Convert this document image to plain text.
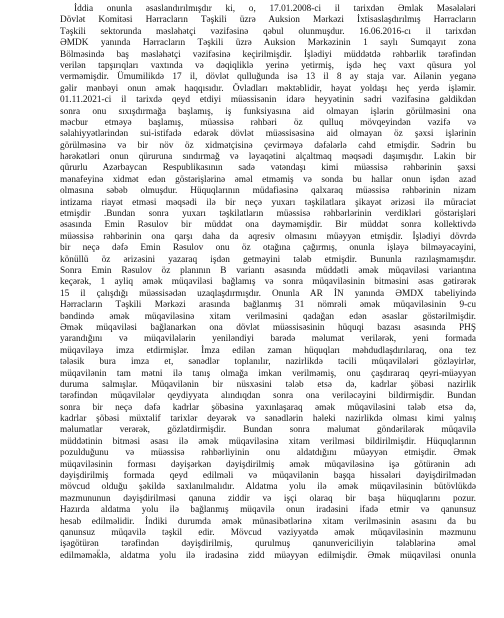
İddia onunla əsaslandırılmışdır ki, o, 17.01.2008-ci il tarixdən Əmlak Məsələləri
Dövlət Komitəsi Hərracların Təşkili üzrə Auksion Mərkəzi İxtisaslaşdırılmış Hərracların
Təşkili sektorunda məsləhətçi vəzifəsinə qəbul olunmuşdur. 16.06.2016-cı il tarixdən
ƏMDK yanında Hərracların Təşkili üzrə Auksion Mərkəzinin 1 saylı Sumqayıt zona
Bölməsində baş məsləhətçi vəzifəsinə keçirilmişdir. İşlədiyi müddətdə rəhbərlik tərəfindən
verilən tapşırıqları vaxtında və dəqiqliklə yerinə yetirmiş, işdə heç vaxt qüsura yol
verməmişdir. Ümumilikdə 17 il, dövlət qulluğunda isə 13 il 8 ay staja var. Ailənin yeganə
gəlir mənbəyi onun əmək haqqısıdır. Övladları məktəblidir, həyat yoldaşı heç yerdə işləmir.
01.11.2021-ci il tarixdə qeyd etdiyi müəssisənin idarə heyyətinin sədri vəzifəsinə gəldikdən
sonra onu sıxışdırmağa başlamış, iş funksiyasına aid olmayan işlərin görülməsini ona
məcbur etməyə başlamış, müəssisə rəhbəri öz qulluq mövqeyindən vəzifə və
səlahiyyətlərindən sui-istifadə edərək dövlət müəssisəsinə aid olmayan öz şəxsi işlərinin
görülməsinə və bir növ öz xidmətçisinə çevirməyə dəfələrlə cəhd etmişdir. Sədrin bu
hərəkətləri onun qüruruna sındırmağ və ləyaqətini alçaltmaq məqsədi daşımışdır. Lakin bir
qürurlu Azərbaycan Respublikasının sadə vətəndaşı kimi müəssisə rəhbərinin şəxsi
mənafeyinə xidmət edən göstərişlərinə əməl etməmiş və sonda bu hallar onun işdən azad
olmasına səbəb olmuşdur. Hüquqlarının müdafiəsinə qalxaraq müəssisə rəhbərinin nizam
intizama riayət etməsi məqsədi ilə bir neçə yuxarı təşkilatlara şikayət ərizəsi ilə müraciət
etmişdir .Bundan sonra yuxarı təşkilatların müəssisə rəhbərlərinin verdikləri göstərişləri
əsasında Emin Rəsulov bir müddət ona dəyməmişdir. Bir müddət sonra kollektivdə
müəssisə rəhbərinin ona qarşı daha da aqresiv olmasını müəyyən etmişdir. İşlədiyi dövrdə
bir neçə dəfə Emin Rəsulov onu öz otağına çağırmış, onunla işləyə bilməyəcəyini,
könüllü öz ərizəsini yazaraq işdən getməyini tələb etmişdir. Bununla razılaşmamışdır.
Sonra Emin Rəsulov öz planının B variantı əsasında müddətli əmək müqaviləsi variantına
keçərək, 1 ayliq əmək müqaviləsi bağlamış və sonra müqaviləsinin bitməsini əsas gətirərək
15 il çalışdığı müəssisədən uzaqlaşdırmışdır. Onunla AR İN yanında ƏMDX tabeliyində
Hərracların Təşkili Mərkəzi arasında bağlanmış 31 nömrəli əmək müqaviləsinin 9-cu
bəndində əmək müqaviləsinə xitam verilməsini qadağan edən əsaslar göstərilmişdir.
Əmək müqaviləsi bağlanarkən ona dövlət müəssisəsinin hüquqi bazası əsasında PHŞ
yarandığını və müqavilələrin yeniləndiyi barədə məlumat verilərək, yeni formada
müqaviləyə imza etdirmişlər. İmza edilən zaman hüquqları məhdudlaşdırılaraq, ona tez
tələsik bura imza et, sənədlər toplanılır, nazirlikdə təcili müqavilələri gözləyirlər,
müqavilənin tam mətni ilə tanış olmağa imkan verilməmiş, onu çaşdıraraq qeyri-müəyyən
duruma salmışlar. Müqavilənin bir nüsxəsini tələb etsə də, kadrlar şöbəsi nazirlik
tərəfindən müqavilələr qeydiyyata alındıqdan sonra ona veriləcəyini bildirmişdir. Bundan
sonra bir neçə dəfə kadrlar şöbəsinə yaxınlaşaraq əmək müqaviləsini tələb etsə də,
kadrlar şöbəsi müxtəlif tarixlər deyərək və sənədlərin həleki nazirlikdə olması kimi yalnış
məlumatlar verərək, gözlətdirmişdir. Bundan sonra məlumat göndərilərək müqavilə
müddətinin bitməsi əsası ilə əmək müqaviləsinə xitam verilməsi bildirilmişdir. Hüquqlarının
pozulduğunu və müəssisə rəhbərliyinin onu aldatdığını müəyyən etmişdir. Əmək
müqaviləsinin forması dəyişərkən dəyişdirilmiş əmək müqaviləsinə işə götürənin adı
dəyişdirilmiş formada qeyd edilməli və müqavilənin başqa hissələri dəyişdirilmədən
mövcud olduğu şəkildə saxlanılmalıdır. Aldatma yolu ilə əmək müqaviləsinin bütövlükdə
məzmununun dəyişdirilməsi qanuna ziddir və işçi olaraq bir başa hüquqlarını pozur.
Hazırda aldatma yolu ilə bağlanmış müqavilə onun iradəsini ifadə etmir və qanunsuz
hesab edilməlidir. İndiki durumda əmək münasibətlərinə xitam verilməsinin əsasını da bu
qanunsuz müqavilə təşkil edir. Mövcud vəziyyətdə əmək müqaviləsinin məzmunu
işəgötürən tərəfindən dəyişdirilmiş, qurulmuş qanunvericiliyin tələblərinə əməl
edilməmək̈lə, aldatma yolu ilə iradəsinə zidd müəyyən edilmişdir. Əmək müqaviləsi onunla
